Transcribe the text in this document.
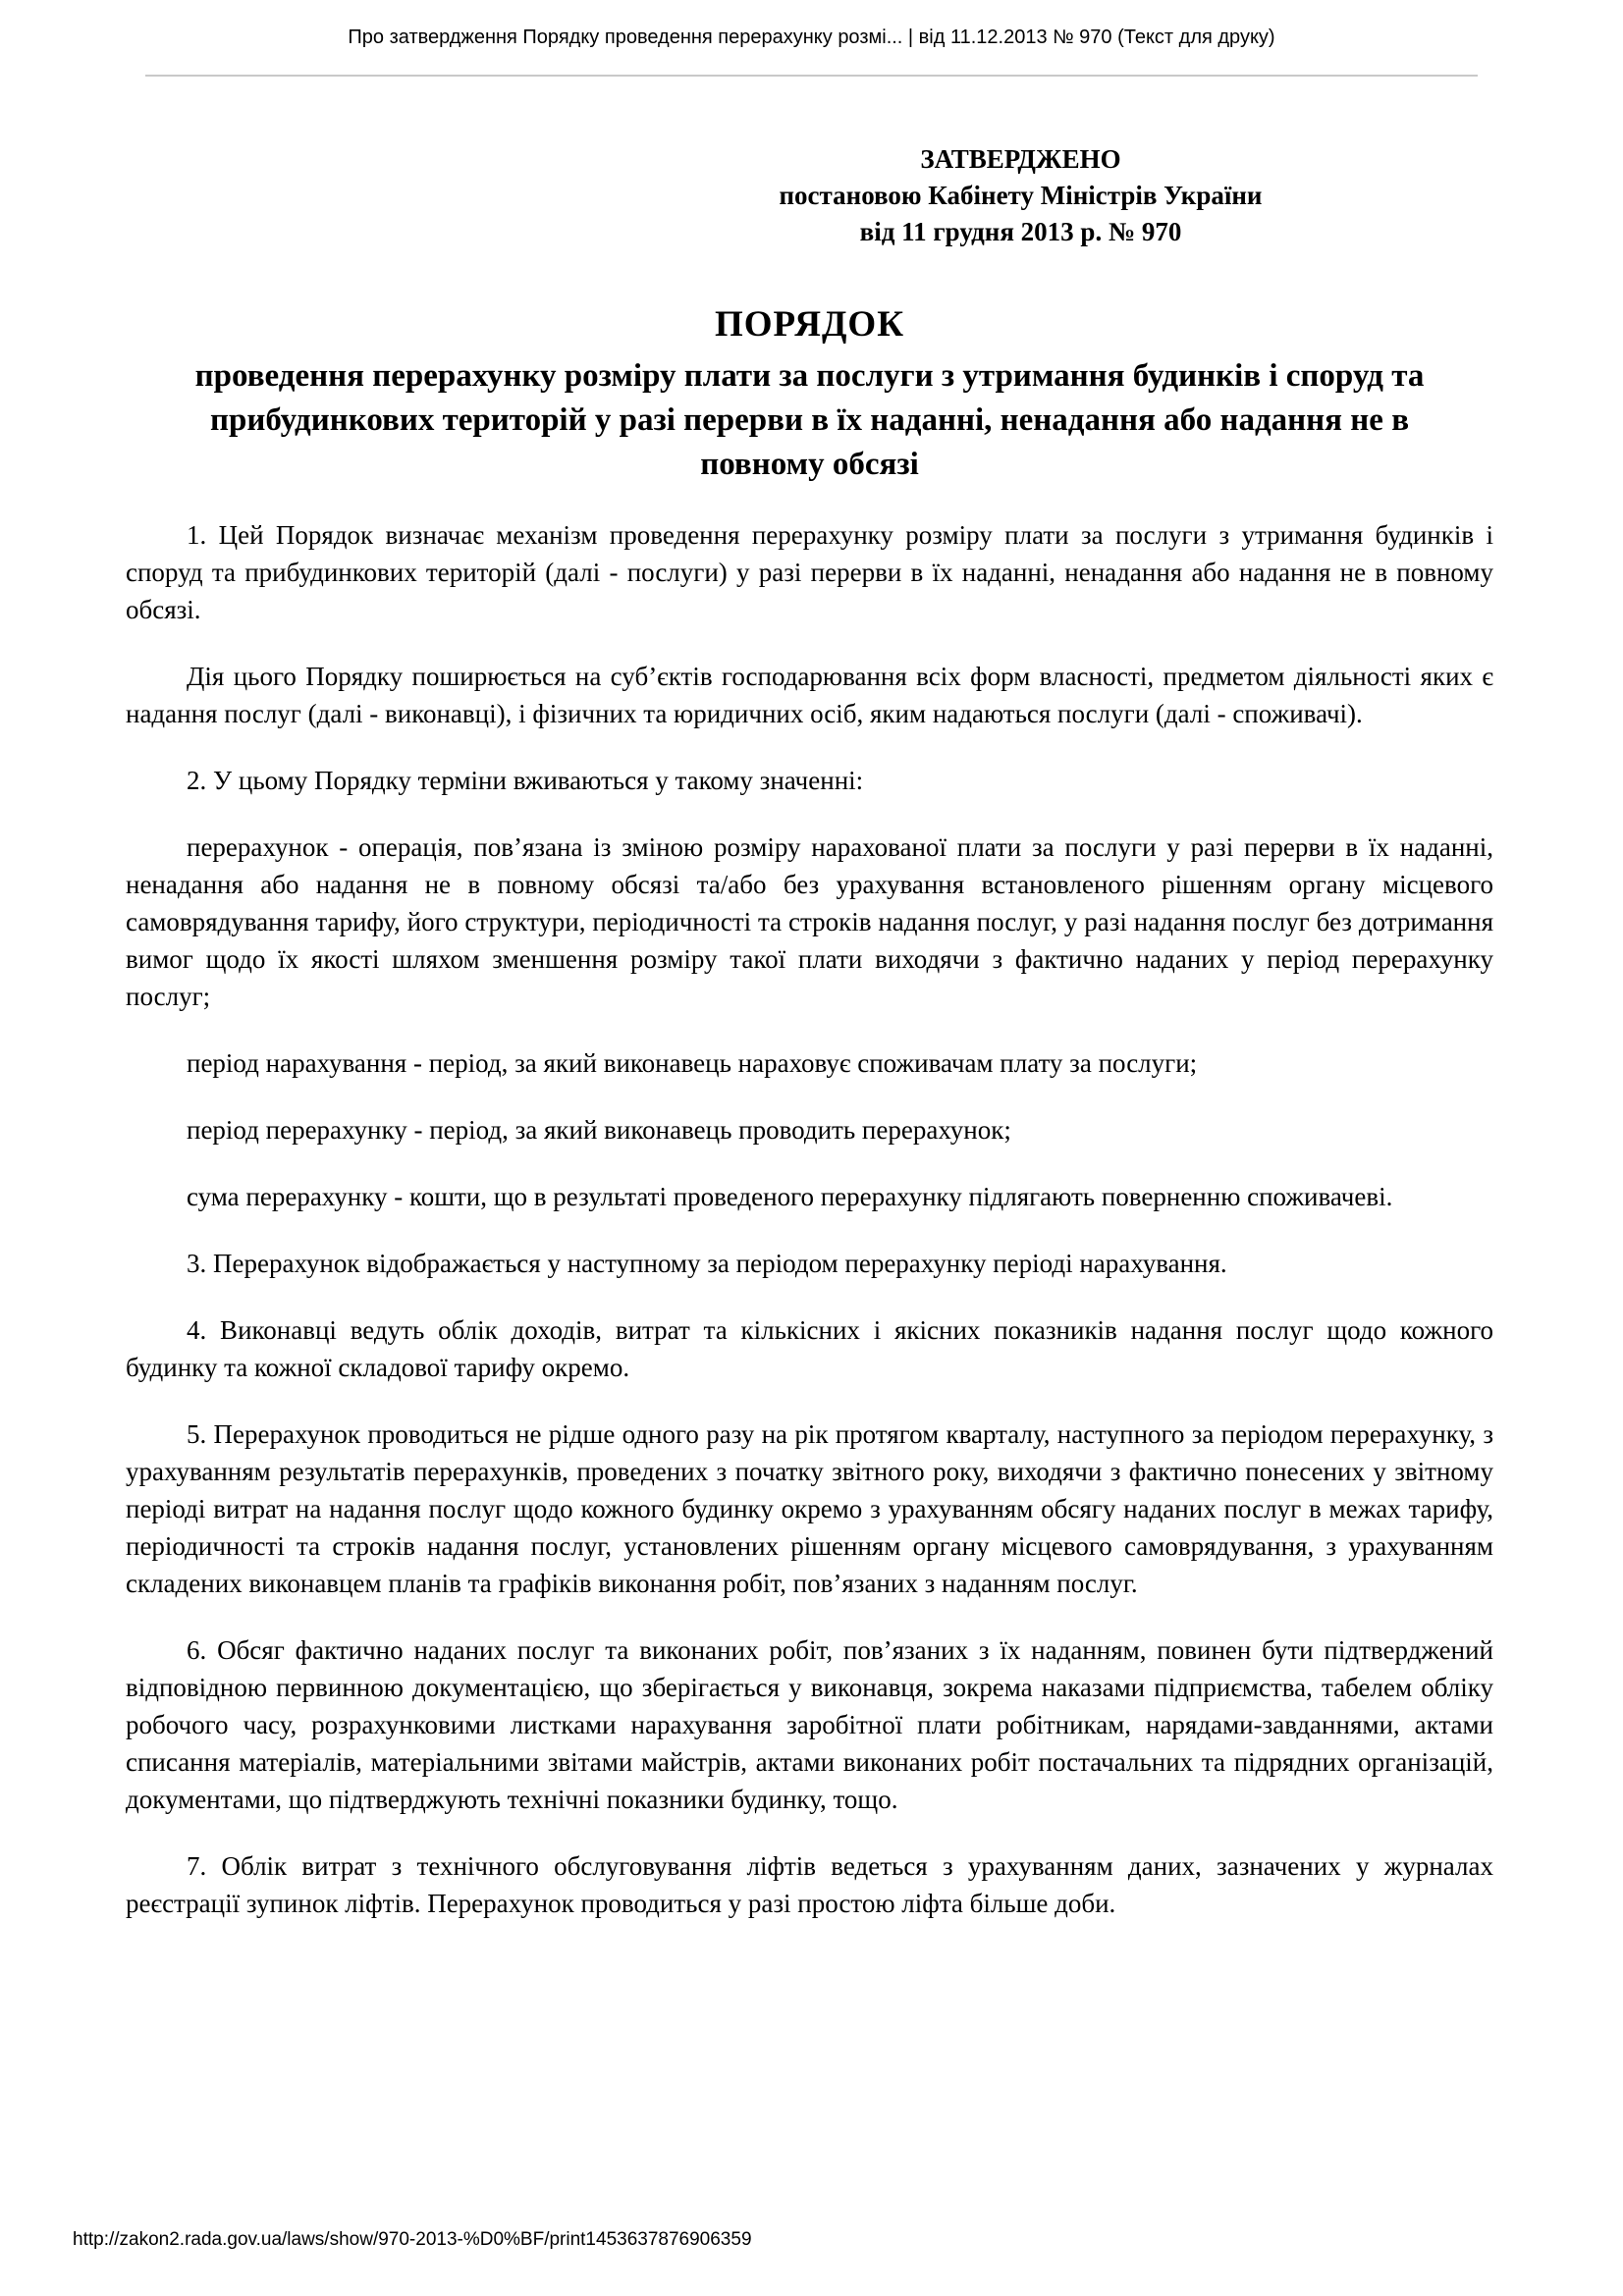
Про затвердження Порядку проведення перерахунку розмі... | від 11.12.2013 № 970 (Текст для друку)
ЗАТВЕРДЖЕНО
постановою Кабінету Міністрів України
від 11 грудня 2013 р. № 970
ПОРЯДОК
проведення перерахунку розміру плати за послуги з утримання будинків і споруд та прибудинкових територій у разі перерви в їх наданні, ненадання або надання не в повному обсязі
1. Цей Порядок визначає механізм проведення перерахунку розміру плати за послуги з утримання будинків і споруд та прибудинкових територій (далі - послуги) у разі перерви в їх наданні, ненадання або надання не в повному обсязі.
Дія цього Порядку поширюється на суб’єктів господарювання всіх форм власності, предметом діяльності яких є надання послуг (далі - виконавці), і фізичних та юридичних осіб, яким надаються послуги (далі - споживачі).
2. У цьому Порядку терміни вживаються у такому значенні:
перерахунок - операція, пов’язана із зміною розміру нарахованої плати за послуги у разі перерви в їх наданні, ненадання або надання не в повному обсязі та/або без урахування встановленого рішенням органу місцевого самоврядування тарифу, його структури, періодичності та строків надання послуг, у разі надання послуг без дотримання вимог щодо їх якості шляхом зменшення розміру такої плати виходячи з фактично наданих у період перерахунку послуг;
період нарахування - період, за який виконавець нараховує споживачам плату за послуги;
період перерахунку - період, за який виконавець проводить перерахунок;
сума перерахунку - кошти, що в результаті проведеного перерахунку підлягають поверненню споживачеві.
3. Перерахунок відображається у наступному за періодом перерахунку періоді нарахування.
4. Виконавці ведуть облік доходів, витрат та кількісних і якісних показників надання послуг щодо кожного будинку та кожної складової тарифу окремо.
5. Перерахунок проводиться не рідше одного разу на рік протягом кварталу, наступного за періодом перерахунку, з урахуванням результатів перерахунків, проведених з початку звітного року, виходячи з фактично понесених у звітному періоді витрат на надання послуг щодо кожного будинку окремо з урахуванням обсягу наданих послуг в межах тарифу, періодичності та строків надання послуг, установлених рішенням органу місцевого самоврядування, з урахуванням складених виконавцем планів та графіків виконання робіт, пов’язаних з наданням послуг.
6. Обсяг фактично наданих послуг та виконаних робіт, пов’язаних з їх наданням, повинен бути підтверджений відповідною первинною документацією, що зберігається у виконавця, зокрема наказами підприємства, табелем обліку робочого часу, розрахунковими листками нарахування заробітної плати робітникам, нарядами-завданнями, актами списання матеріалів, матеріальними звітами майстрів, актами виконаних робіт постачальних та підрядних організацій, документами, що підтверджують технічні показники будинку, тощо.
7. Облік витрат з технічного обслуговування ліфтів ведеться з урахуванням даних, зазначених у журналах реєстрації зупинок ліфтів. Перерахунок проводиться у разі простою ліфта більше доби.
http://zakon2.rada.gov.ua/laws/show/970-2013-%D0%BF/print1453637876906359
